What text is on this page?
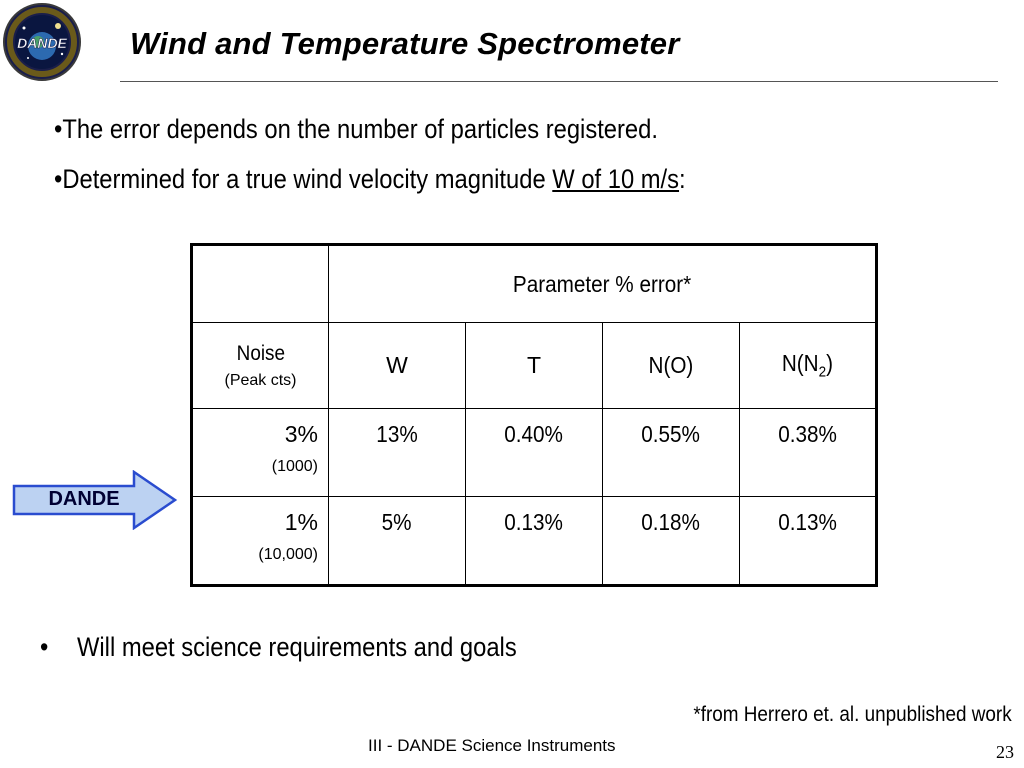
DANDE Wind and Temperature Spectrometer
•The error depends on the number of particles registered.
•Determined for a true wind velocity magnitude W of 10 m/s:
	Parameter % error*			
Noise
(Peak cts)	W	T	N(O)	$N(N_2)$
3%
(1000)	13%	0.40%	0.55%	0.38%
1%
(10,000)	5%	0.13%	0.18%	0.13%
DANDE
• Will meet science requirements and goals
*from Herrero et. al. unpublished work
III - DANDE Science Instruments	23
